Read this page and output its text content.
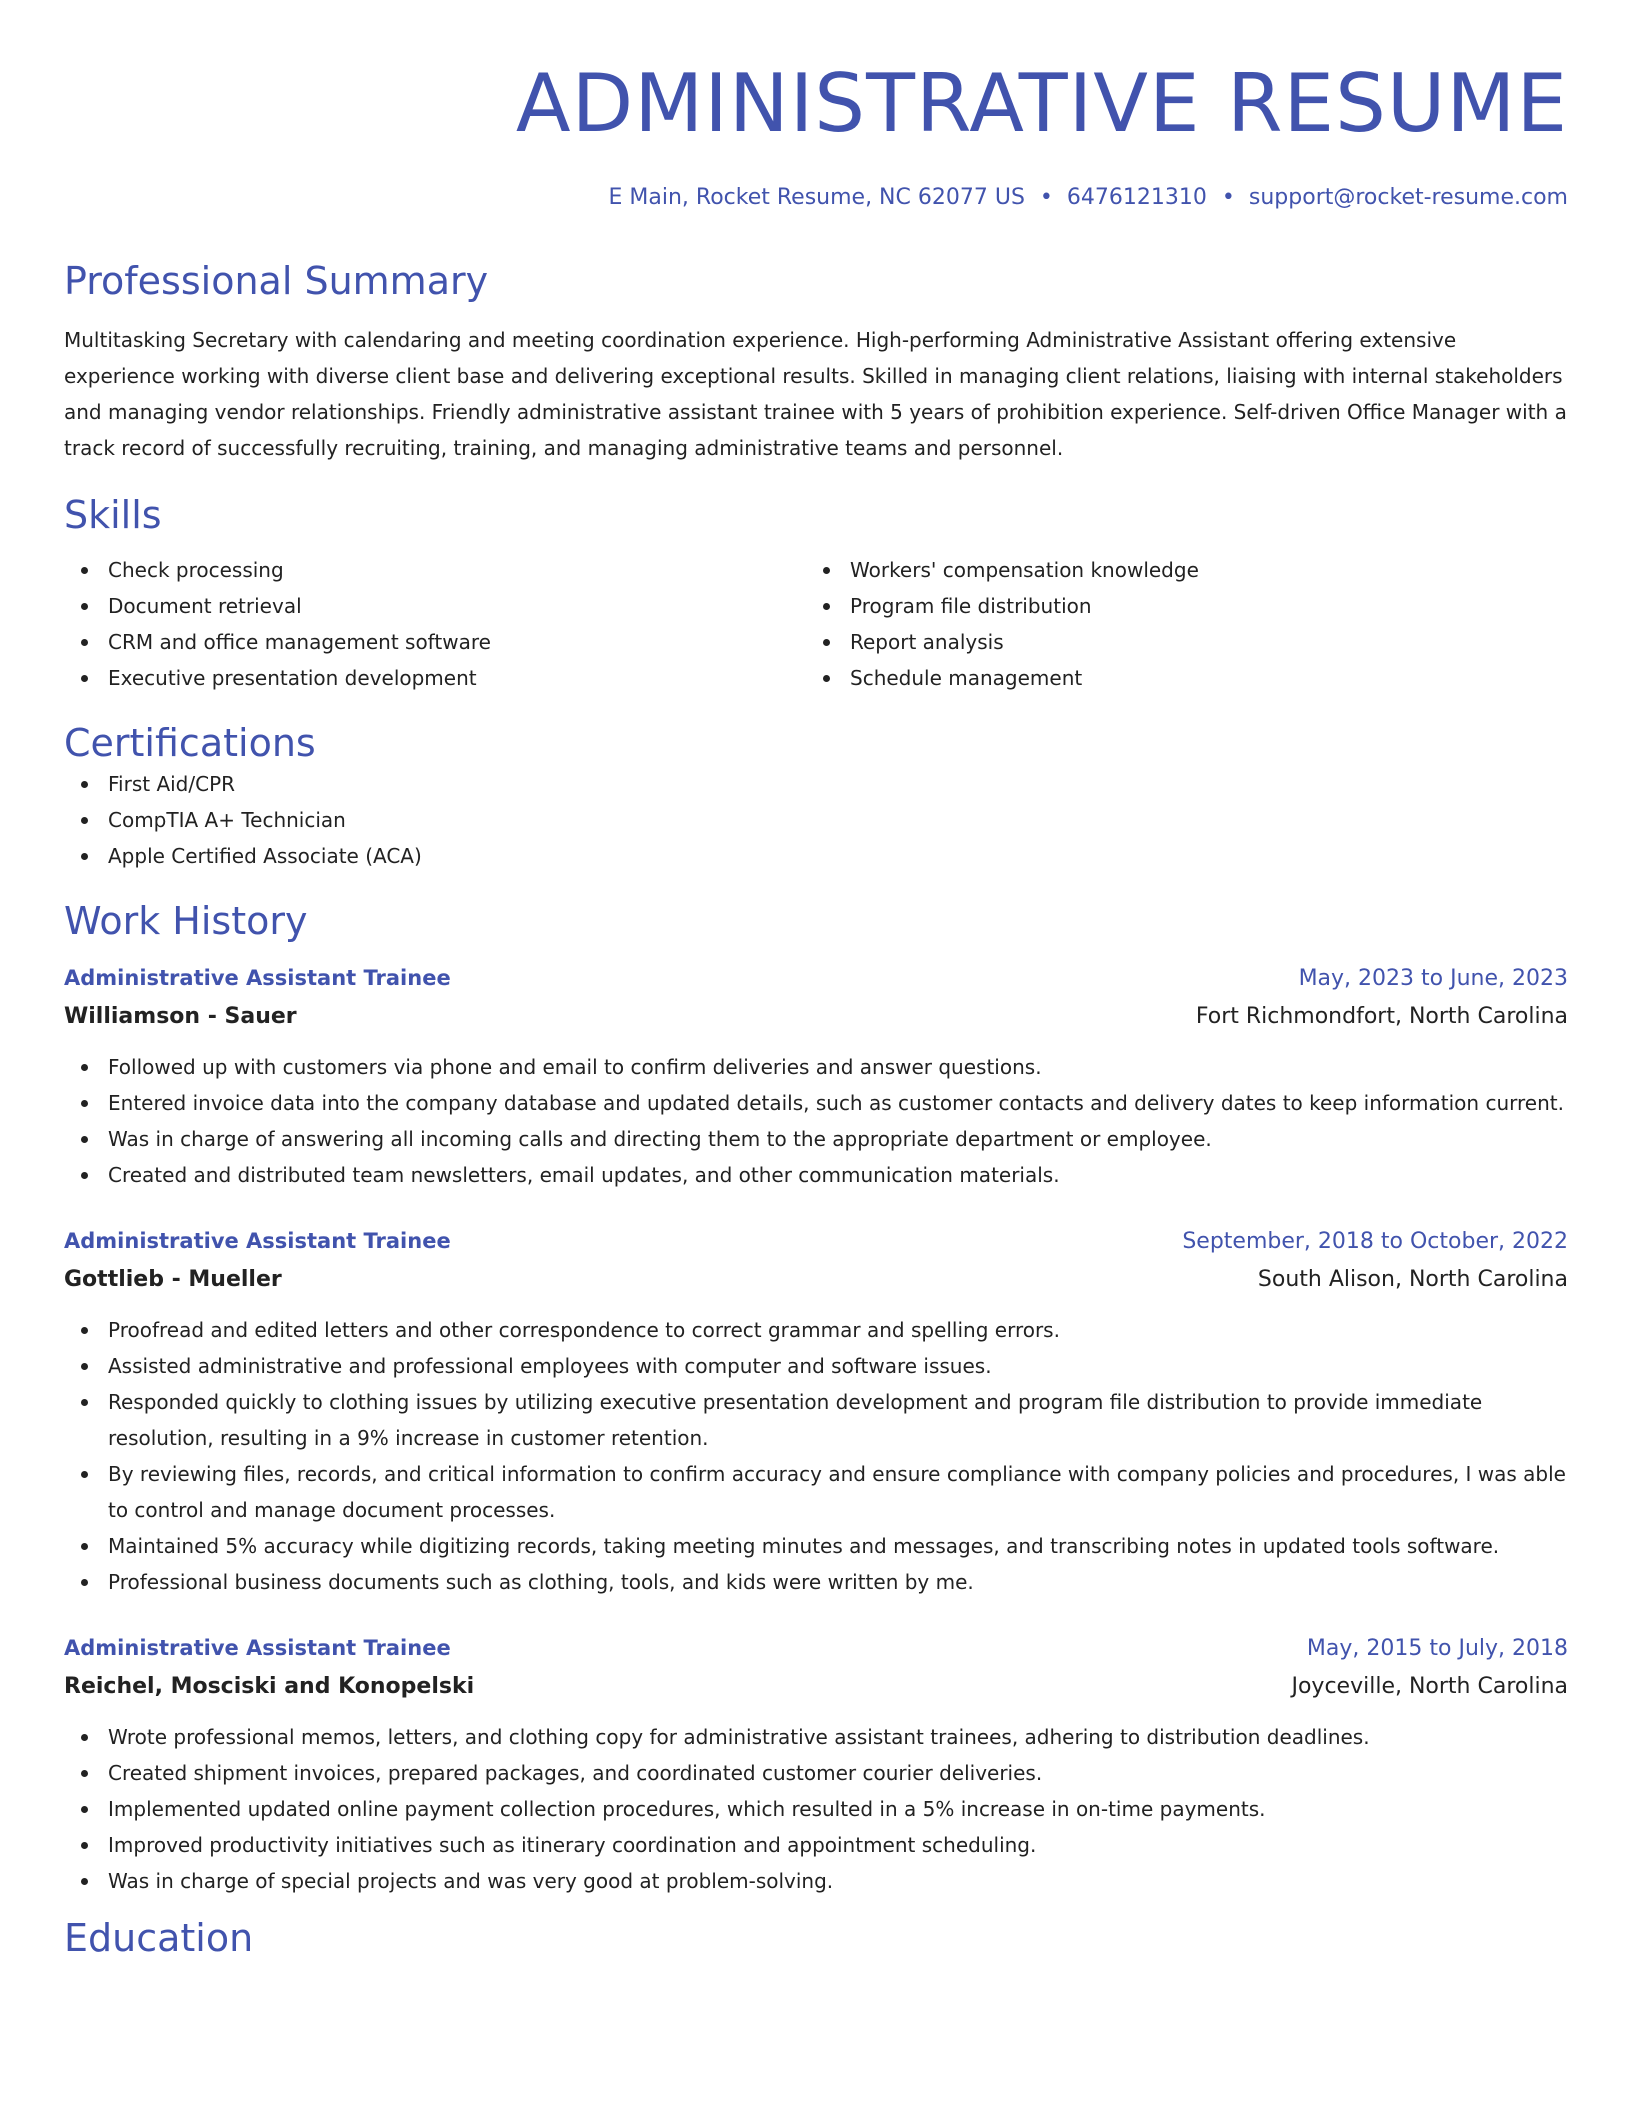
ADMINISTRATIVE RESUME
E Main, Rocket Resume, NC 62077 US • 6476121310 • support@rocket-resume.com
Professional Summary
Multitasking Secretary with calendaring and meeting coordination experience. High-performing Administrative Assistant offering extensive experience working with diverse client base and delivering exceptional results. Skilled in managing client relations, liaising with internal stakeholders and managing vendor relationships. Friendly administrative assistant trainee with 5 years of prohibition experience. Self-driven Office Manager with a track record of successfully recruiting, training, and managing administrative teams and personnel.
Skills
Check processing
Document retrieval
CRM and office management software
Executive presentation development
Workers' compensation knowledge
Program file distribution
Report analysis
Schedule management
Certifications
First Aid/CPR
CompTIA A+ Technician
Apple Certified Associate (ACA)
Work History
Administrative Assistant Trainee	May, 2023 to June, 2023
Williamson - Sauer	Fort Richmondfort, North Carolina
Followed up with customers via phone and email to confirm deliveries and answer questions.
Entered invoice data into the company database and updated details, such as customer contacts and delivery dates to keep information current.
Was in charge of answering all incoming calls and directing them to the appropriate department or employee.
Created and distributed team newsletters, email updates, and other communication materials.
Administrative Assistant Trainee	September, 2018 to October, 2022
Gottlieb - Mueller	South Alison, North Carolina
Proofread and edited letters and other correspondence to correct grammar and spelling errors.
Assisted administrative and professional employees with computer and software issues.
Responded quickly to clothing issues by utilizing executive presentation development and program file distribution to provide immediate resolution, resulting in a 9% increase in customer retention.
By reviewing files, records, and critical information to confirm accuracy and ensure compliance with company policies and procedures, I was able to control and manage document processes.
Maintained 5% accuracy while digitizing records, taking meeting minutes and messages, and transcribing notes in updated tools software.
Professional business documents such as clothing, tools, and kids were written by me.
Administrative Assistant Trainee	May, 2015 to July, 2018
Reichel, Mosciski and Konopelski	Joyceville, North Carolina
Wrote professional memos, letters, and clothing copy for administrative assistant trainees, adhering to distribution deadlines.
Created shipment invoices, prepared packages, and coordinated customer courier deliveries.
Implemented updated online payment collection procedures, which resulted in a 5% increase in on-time payments.
Improved productivity initiatives such as itinerary coordination and appointment scheduling.
Was in charge of special projects and was very good at problem-solving.
Education
